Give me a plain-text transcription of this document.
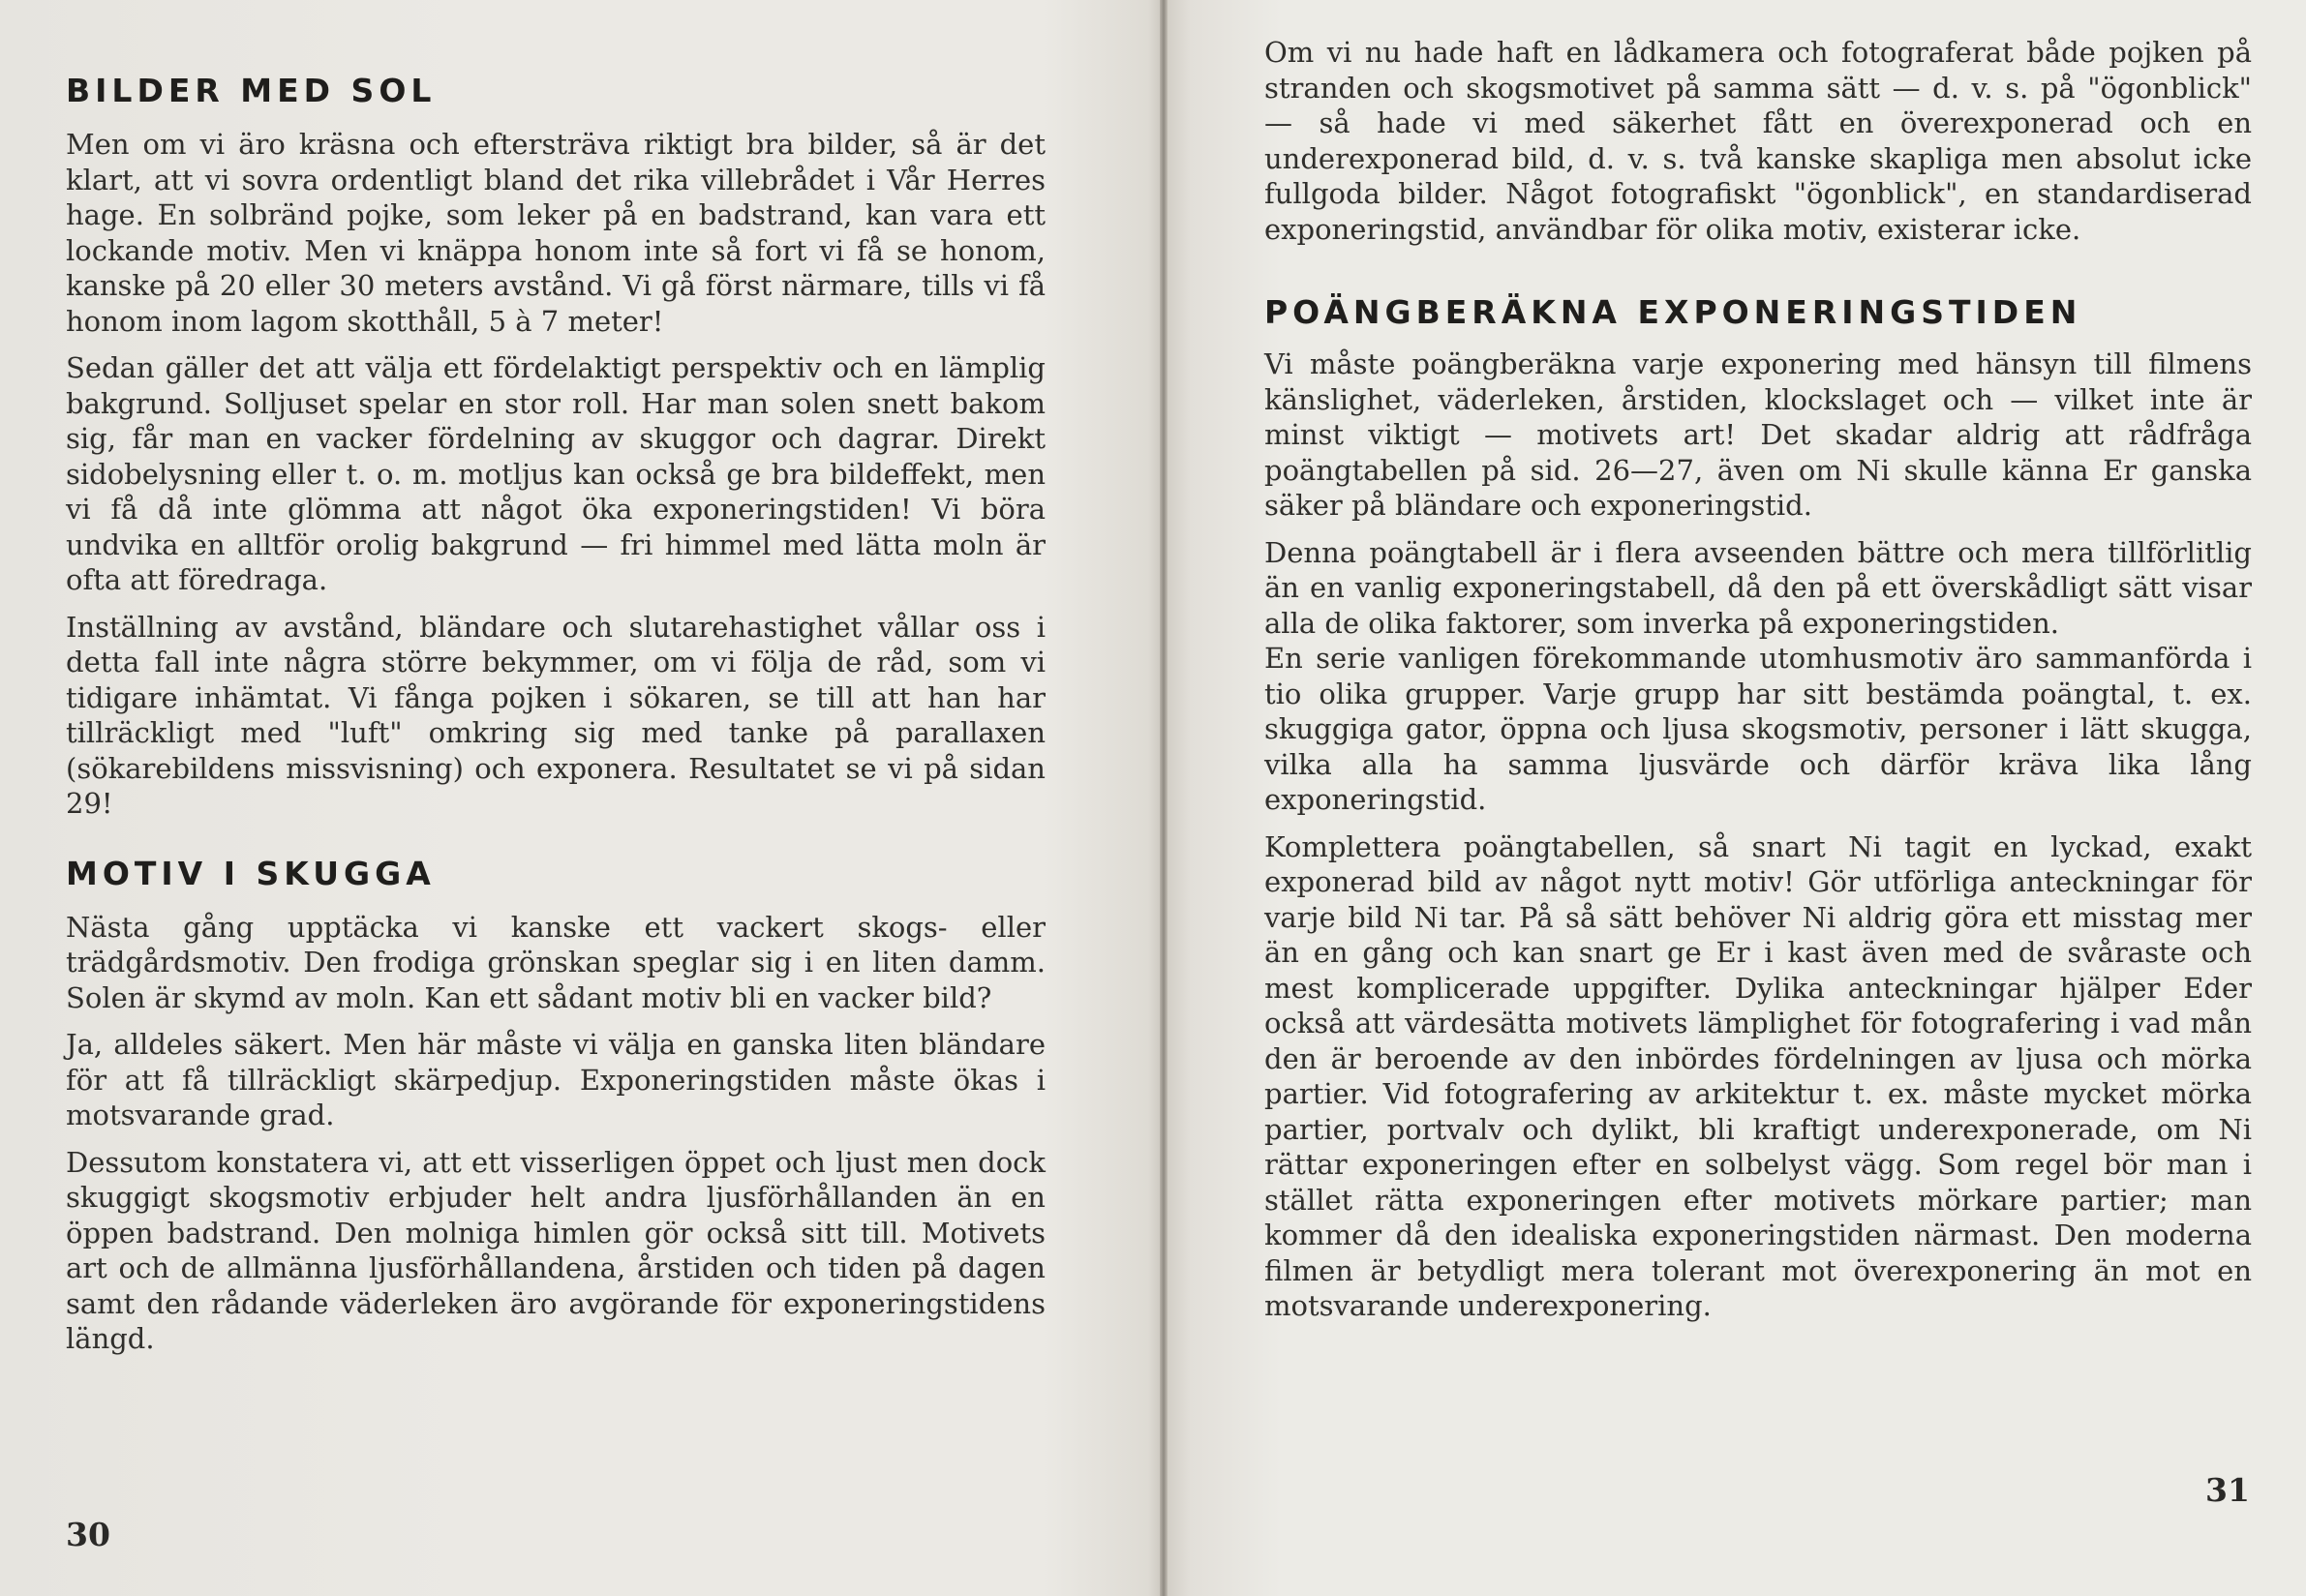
BILDER MED SOL

Men om vi äro kräsna och eftersträva riktigt bra bilder, så är det klart, att vi sovra ordentligt bland det rika villebrådet i Vår Herres hage. En solbränd pojke, som leker på en badstrand, kan vara ett lockande motiv. Men vi knäppa honom inte så fort vi få se honom, kanske på 20 eller 30 meters avstånd. Vi gå först närmare, tills vi få honom inom lagom skotthåll, 5 à 7 meter!

Sedan gäller det att välja ett fördelaktigt perspektiv och en lämplig bakgrund. Solljuset spelar en stor roll. Har man solen snett bakom sig, får man en vacker fördelning av skuggor och dagrar. Direkt sidobelysning eller t. o. m. motljus kan också ge bra bildeffekt, men vi få då inte glömma att något öka exponeringstiden! Vi böra undvika en alltför orolig bakgrund — fri himmel med lätta moln är ofta att föredraga.

Inställning av avstånd, bländare och slutarehastighet vållar oss i detta fall inte några större bekymmer, om vi följa de råd, som vi tidigare inhämtat. Vi fånga pojken i sökaren, se till att han har tillräckligt med "luft" omkring sig med tanke på parallaxen (sökarebildens missvisning) och exponera. Resultatet se vi på sidan 29!

MOTIV I SKUGGA

Nästa gång upptäcka vi kanske ett vackert skogs- eller trädgårdsmotiv. Den frodiga grönskan speglar sig i en liten damm. Solen är skymd av moln. Kan ett sådant motiv bli en vacker bild?

Ja, alldeles säkert. Men här måste vi välja en ganska liten bländare för att få tillräckligt skärpedjup. Exponeringstiden måste ökas i motsvarande grad.

Dessutom konstatera vi, att ett visserligen öppet och ljust men dock skuggigt skogsmotiv erbjuder helt andra ljusförhållanden än en öppen badstrand. Den molniga himlen gör också sitt till. Motivets art och de allmänna ljusförhållandena, årstiden och tiden på dagen samt den rådande väderleken äro avgörande för exponeringstidens längd.

30

Om vi nu hade haft en lådkamera och fotograferat både pojken på stranden och skogsmotivet på samma sätt — d. v. s. på "ögonblick" — så hade vi med säkerhet fått en överexponerad och en underexponerad bild, d. v. s. två kanske skapliga men absolut icke fullgoda bilder. Något fotografiskt "ögonblick", en standardiserad exponeringstid, användbar för olika motiv, existerar icke.

POÄNGBERÄKNA EXPONERINGSTIDEN

Vi måste poängberäkna varje exponering med hänsyn till filmens känslighet, väderleken, årstiden, klockslaget och — vilket inte är minst viktigt — motivets art! Det skadar aldrig att rådfråga poängtabellen på sid. 26—27, även om Ni skulle känna Er ganska säker på bländare och exponeringstid.

Denna poängtabell är i flera avseenden bättre och mera tillförlitlig än en vanlig exponeringstabell, då den på ett överskådligt sätt visar alla de olika faktorer, som inverka på exponeringstiden.

En serie vanligen förekommande utomhusmotiv äro sammanförda i tio olika grupper. Varje grupp har sitt bestämda poängtal, t. ex. skuggiga gator, öppna och ljusa skogsmotiv, personer i lätt skugga, vilka alla ha samma ljusvärde och därför kräva lika lång exponeringstid.

Komplettera poängtabellen, så snart Ni tagit en lyckad, exakt exponerad bild av något nytt motiv! Gör utförliga anteckningar för varje bild Ni tar. På så sätt behöver Ni aldrig göra ett misstag mer än en gång och kan snart ge Er i kast även med de svåraste och mest komplicerade uppgifter. Dylika anteckningar hjälper Eder också att värdesätta motivets lämplighet för fotografering i vad mån den är beroende av den inbördes fördelningen av ljusa och mörka partier. Vid fotografering av arkitektur t. ex. måste mycket mörka partier, portvalv och dylikt, bli kraftigt underexponerade, om Ni rättar exponeringen efter en solbelyst vägg. Som regel bör man i stället rätta exponeringen efter motivets mörkare partier; man kommer då den idealiska exponeringstiden närmast. Den moderna filmen är betydligt mera tolerant mot överexponering än mot en motsvarande underexponering.

31
